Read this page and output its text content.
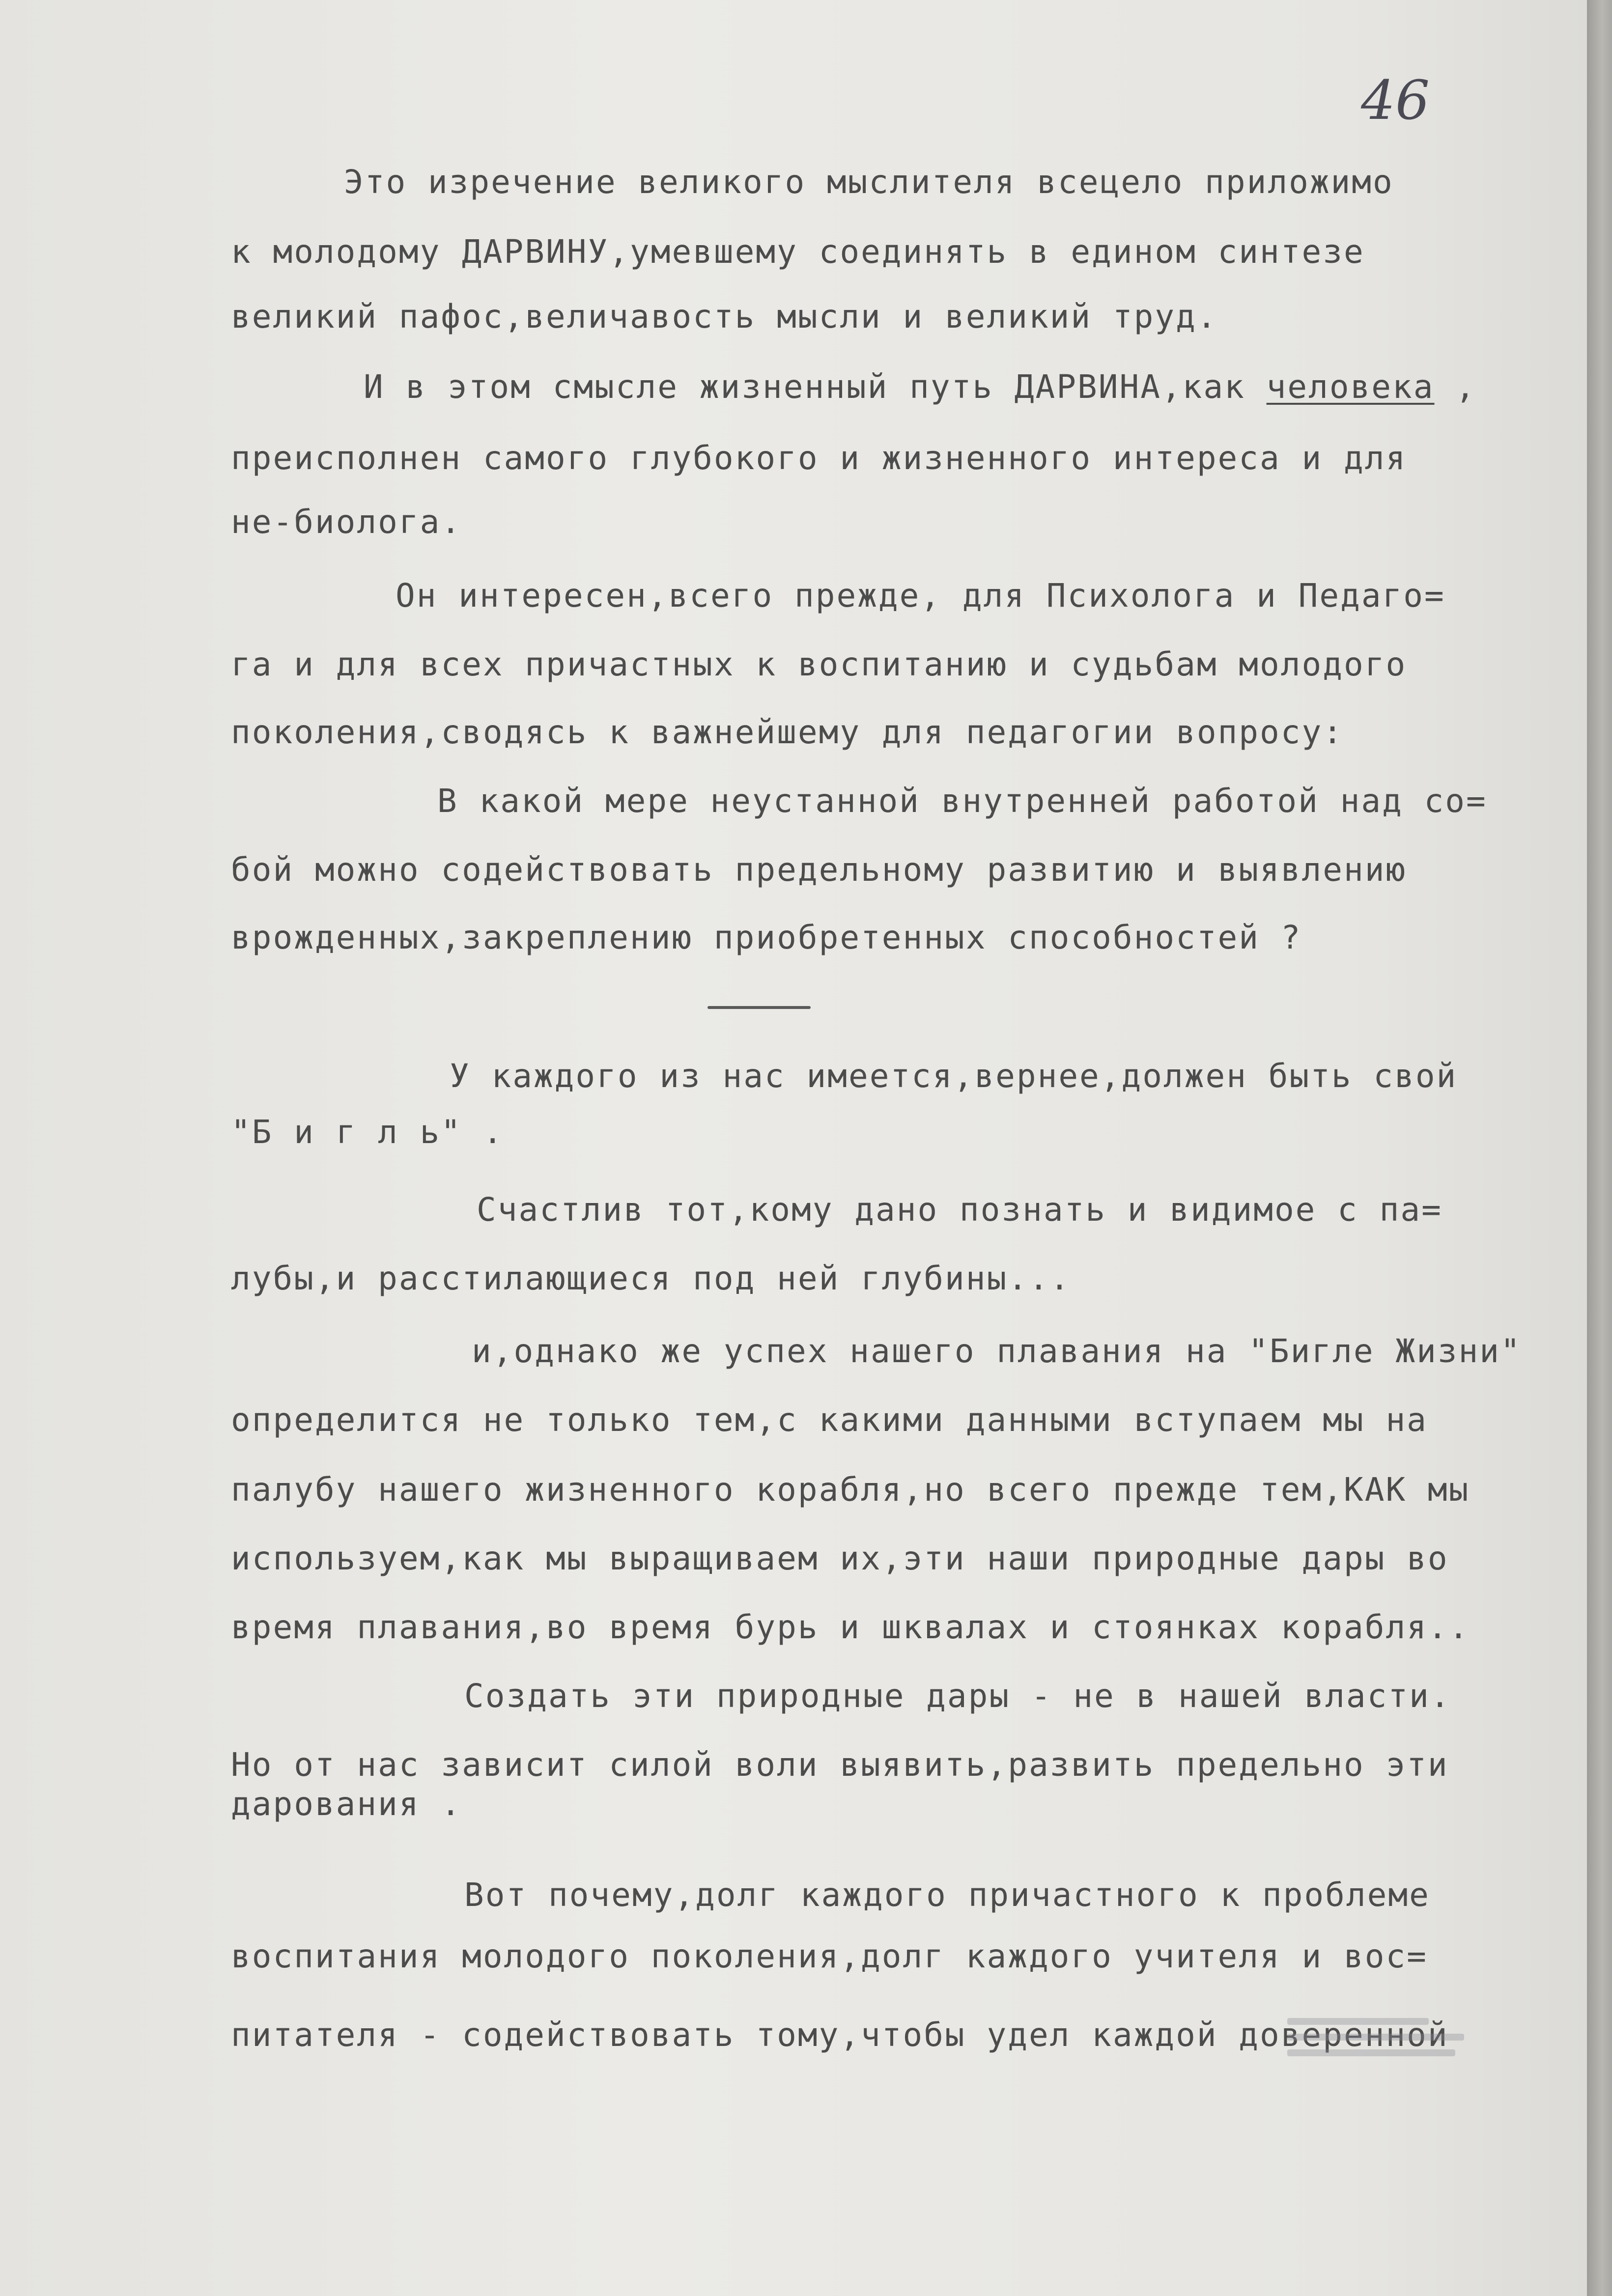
46
Это изречение великого мыслителя всецело приложимо
к молодому ДАРВИНУ,умевшему соединять в едином синтезе
великий пафос,величавость мысли и великий труд.
И в этом смысле жизненный путь ДАРВИНА,как человека ,
преисполнен самого глубокого и жизненного интереса и для
не-биолога.
Он интересен,всего прежде, для Психолога и Педаго=
га и для всех причастных к воспитанию и судьбам молодого
поколения,сводясь к важнейшему для педагогии вопросу:
В какой мере неустанной внутренней работой над со=
бой можно содействовать предельному развитию и выявлению
врожденных,закреплению приобретенных способностей ?
У каждого из нас имеется,вернее,должен быть свой
"Б и г л ь" .
Счастлив тот,кому дано познать и видимое с па=
лубы,и расстилающиеся под ней глубины...
и,однако же успех нашего плавания на "Бигле Жизни"
определится не только тем,с какими данными вступаем мы на
палубу нашего жизненного корабля,но всего прежде тем,КАК мы
используем,как мы выращиваем их,эти наши природные дары во
время плавания,во время бурь и шквалах и стоянках корабля..
Создать эти природные дары - не в нашей власти.
Но от нас зависит силой воли выявить,развить предельно эти
дарования .
Вот почему,долг каждого причастного к проблеме
воспитания молодого поколения,долг каждого учителя и вос=
питателя - содействовать тому,чтобы удел каждой доверенной
